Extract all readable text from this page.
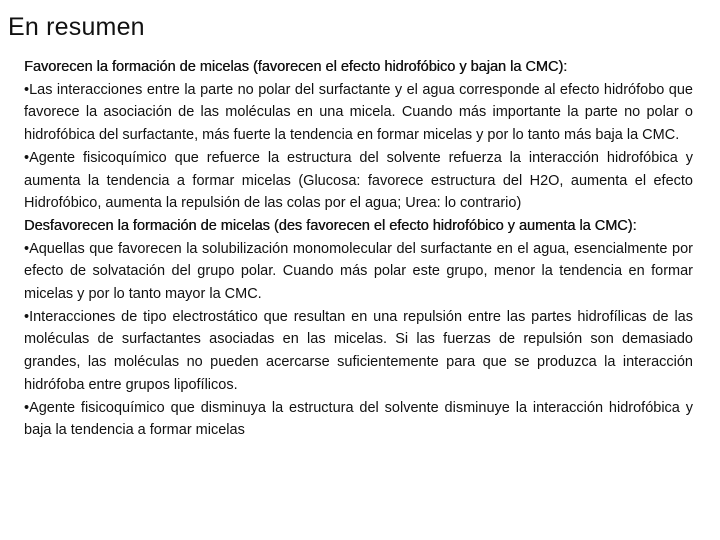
En resumen

Favorecen la formación de micelas (favorecen el efecto hidrofóbico y bajan la CMC):

•Las interacciones entre la parte no polar del surfactante y el agua corresponde al efecto hidrófobo que favorece la asociación de las moléculas en una micela. Cuando más importante la parte no polar o hidrofóbica del surfactante, más fuerte la tendencia en formar micelas y por lo tanto más baja la CMC.

•Agente fisicoquímico que refuerce la estructura del solvente refuerza la interacción hidrofóbica y aumenta la tendencia a formar micelas (Glucosa: favorece estructura del H2O, aumenta el efecto Hidrofóbico, aumenta la repulsión de las colas por el agua; Urea: lo contrario)

Desfavorecen la formación de micelas (des favorecen el efecto hidrofóbico y aumenta la CMC):

•Aquellas que favorecen la solubilización monomolecular del surfactante en el agua, esencialmente por efecto de solvatación del grupo polar. Cuando más polar este grupo, menor la tendencia en formar micelas y por lo tanto mayor la CMC.

•Interacciones de tipo electrostático que resultan en una repulsión entre las partes hidrofílicas de las moléculas de surfactantes asociadas en las micelas. Si las fuerzas de repulsión son demasiado grandes, las moléculas no pueden acercarse suficientemente para que se produzca la interacción hidrófoba entre grupos lipofílicos.

•Agente fisicoquímico que disminuya la estructura del solvente disminuye la interacción hidrofóbica y baja la tendencia a formar micelas
